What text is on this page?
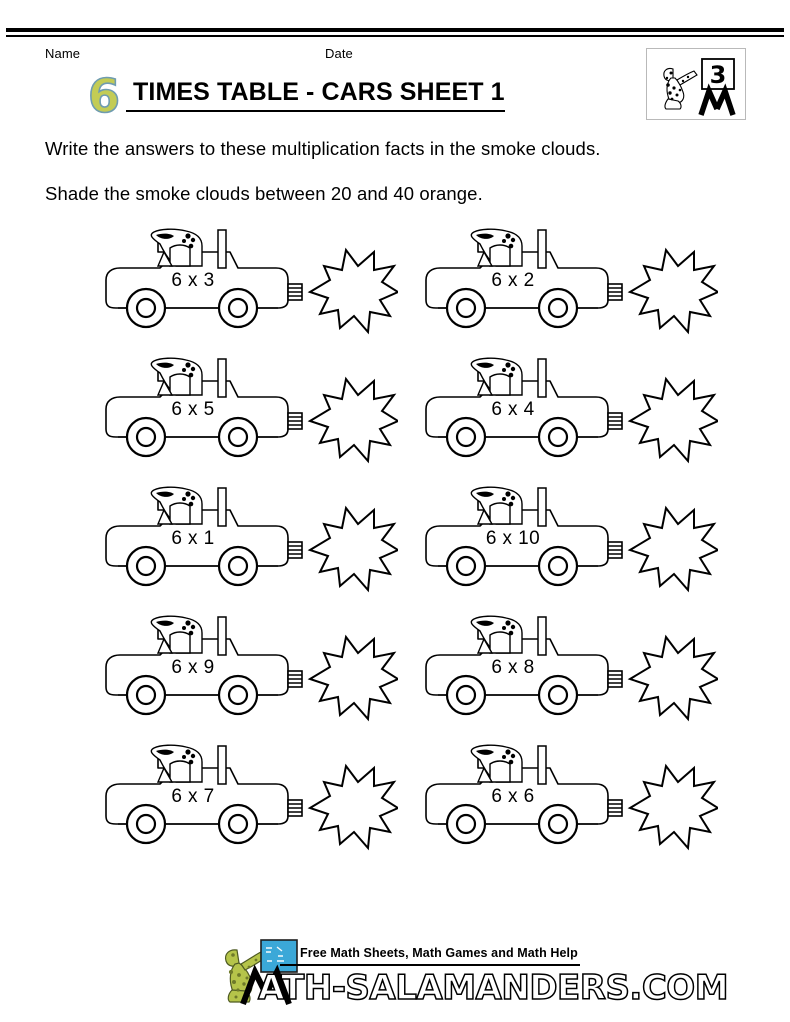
Name	Date
6 TIMES TABLE - CARS SHEET 1
3
Write the answers to these multiplication facts in the smoke clouds.
Shade the smoke clouds between 20 and 40 orange.
6 x 3	6 x 2
6 x 5	6 x 4
6 x 1	6 x 10
6 x 9	6 x 8
6 x 7	6 x 6
Free Math Sheets, Math Games and Math Help
ATH-SALAMANDERS.COM
